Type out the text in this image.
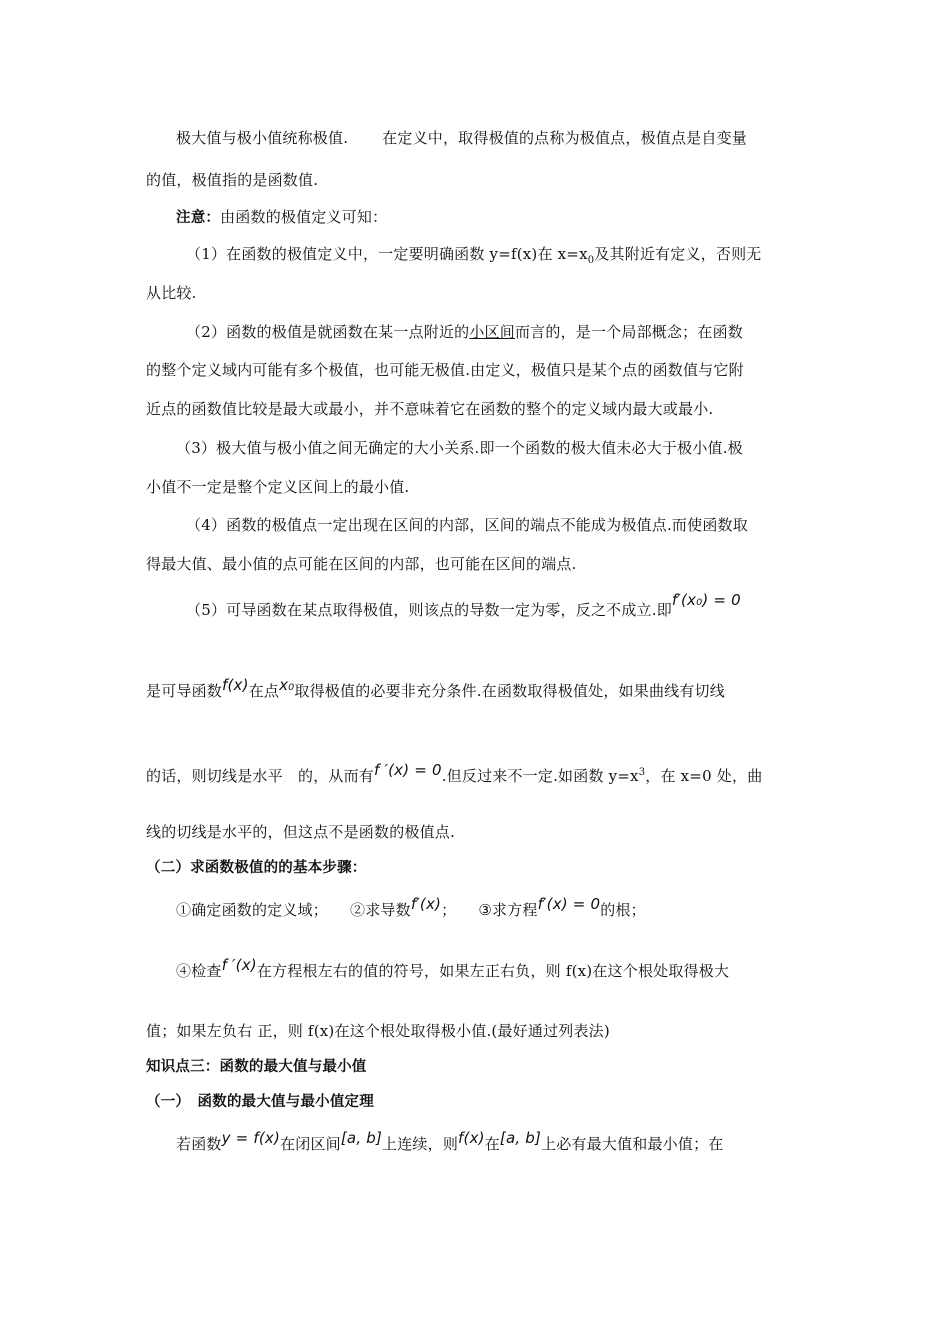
极大值与极小值统称极值. 在定义中，取得极值的点称为极值点，极值点是自变量
的值，极值指的是函数值.
注意：由函数的极值定义可知：
（1）在函数的极值定义中，一定要明确函数 y=f(x)在 $x=x_0$及其附近有定义，否则无
从比较.
（2）函数的极值是就函数在某一点附近的小区间而言的，是一个局部概念；在函数
的整个定义域内可能有多个极值，也可能无极值.由定义，极值只是某个点的函数值与它附
近点的函数值比较是最大或最小，并不意味着它在函数的整个的定义域内最大或最小.
（3）极大值与极小值之间无确定的大小关系.即一个函数的极大值未必大于极小值.极
小值不一定是整个定义区间上的最小值.
（4）函数的极值点一定出现在区间的内部，区间的端点不能成为极值点.而使函数取
得最大值、最小值的点可能在区间的内部，也可能在区间的端点.
（5）可导函数在某点取得极值，则该点的导数一定为零，反之不成立.即f′(x₀) = 0
是可导函数f(x)在点x₀取得极值的必要非充分条件.在函数取得极值处，如果曲线有切线
的话，则切线是水平　的，从而有f ′(x) = 0.但反过来不一定.如函数 $y=x^3$，在 x=0 处，曲
线的切线是水平的，但这点不是函数的极值点.
（二）求函数极值的的基本步骤：
①确定函数的定义域； ②求导数f′(x)； ③求方程f′(x) = 0的根；
④检查f ′(x)在方程根左右的值的符号，如果左正右负，则 f(x)在这个根处取得极大
值；如果左负右 正，则 f(x)在这个根处取得极小值.(最好通过列表法)
知识点三：函数的最大值与最小值
（一）　函数的最大值与最小值定理
若函数y = f(x)在闭区间[a, b]上连续，则f(x)在[a, b]上必有最大值和最小值；在
